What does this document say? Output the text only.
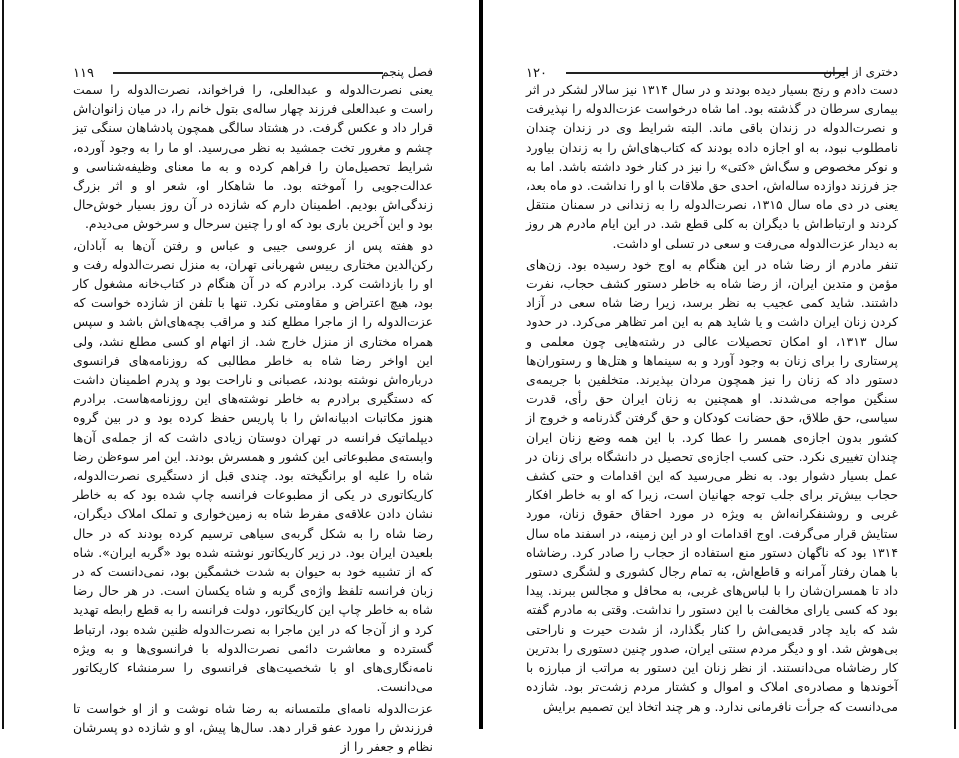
۱۱۹	فصل پنجم

یعنی نصرت‌الدوله و عبدالعلی، را فراخواند، نصرت‌الدوله را سمت راست و عبدالعلی فرزند چهار ساله‌ی بتول خانم را، در میان زانوان‌اش قرار داد و عکس گرفت. در هشتاد سالگی همچون پادشاهان سنگی تیز چشم و مغرور تخت جمشید به نظر می‌رسید. او ما را به وجود آورده، شرایط تحصیل‌مان را فراهم کرده و به ما معنای وظیفه‌شناسی و عدالت‌جویی را آموخته بود. ما شاهکار او، شعر او و اثر بزرگ زندگی‌اش بودیم. اطمینان دارم که شازده در آن روز بسیار خوش‌حال بود و این آخرین باری بود که او را چنین سرحال و سرخوش می‌دیدم.

دو هفته پس از عروسی جیبی و عباس و رفتن آن‌ها به آبادان، رکن‌الدین مختاری رییس شهربانی تهران، به منزل نصرت‌الدوله رفت و او را بازداشت کرد. برادرم که در آن هنگام در کتاب‌خانه مشغول کار بود، هیچ اعتراض و مقاومتی نکرد. تنها با تلفن از شازده خواست که عزت‌الدوله را از ماجرا مطلع کند و مراقب بچه‌های‌اش باشد و سپس همراه مختاری از منزل خارج شد. از اتهام او کسی مطلع نشد، ولی این اواخر رضا شاه به خاطر مطالبی که روزنامه‌های فرانسوی درباره‌اش نوشته بودند، عصبانی و ناراحت بود و پدرم اطمینان داشت که دستگیری برادرم به خاطر نوشته‌های این روزنامه‌هاست. برادرم هنوز مکاتبات ادبیانه‌اش را با پاریس حفظ کرده بود و در بین گروه دیپلماتیک فرانسه در تهران دوستان زیادی داشت که از جمله‌ی آن‌ها وابسته‌ی مطبوعاتی این کشور و همسرش بودند. این امر سوءظن رضا شاه را علیه او برانگیخته بود. چندی قبل از دستگیری نصرت‌الدوله، کاریکاتوری در یکی از مطبوعات فرانسه چاپ شده بود که به خاطر نشان دادن علاقه‌ی مفرط شاه به زمین‌خواری و تملک املاک دیگران، رضا شاه را به شکل گربه‌ی سیاهی ترسیم کرده بودند که در حال بلعیدن ایران بود. در زیر کاریکاتور نوشته شده بود «گربه ایران». شاه که از تشبیه خود به حیوان به شدت خشمگین بود، نمی‌دانست که در زبان فرانسه تلفظ واژه‌ی گربه و شاه یکسان است. در هر حال رضا شاه به خاطر چاپ این کاریکاتور، دولت فرانسه را به قطع رابطه تهدید کرد و از آن‌جا که در این ماجرا به نصرت‌الدوله ظنین شده بود، ارتباط گسترده و معاشرت دائمی نصرت‌الدوله با فرانسوی‌ها و به ویژه نامه‌نگاری‌های او با شخصیت‌های فرانسوی را سرمنشاء کاریکاتور می‌دانست.

عزت‌الدوله نامه‌ای ملتمسانه به رضا شاه نوشت و از او خواست تا فرزندش را مورد عفو قرار دهد. سال‌ها پیش، او و شازده دو پسرشان نظام و جعفر را از

۱۲۰	دختری از ایران

دست دادم و رنج بسیار دیده بودند و در سال ۱۳۱۴ نیز سالار لشکر در اثر بیماری سرطان در گذشته بود. اما شاه درخواست عزت‌الدوله را نپذیرفت و نصرت‌الدوله در زندان باقی ماند. البته شرایط وی در زندان چندان نامطلوب نبود، به او اجازه داده بودند که کتاب‌های‌اش را به زندان بیاورد و نوکر مخصوص و سگ‌اش «کتی» را نیز در کنار خود داشته باشد. اما به جز فرزند دوازده ساله‌اش، احدی حق ملاقات با او را نداشت. دو ماه بعد، یعنی در دی ماه سال ۱۳۱۵، نصرت‌الدوله را به زندانی در سمنان منتقل کردند و ارتباط‌اش با دیگران به کلی قطع شد. در این ایام مادرم هر روز به دیدار عزت‌الدوله می‌رفت و سعی در تسلی او داشت.

تنفر مادرم از رضا شاه در این هنگام به اوج خود رسیده بود. زن‌های مؤمن و متدین ایران، از رضا شاه به خاطر دستور کشف حجاب، نفرت داشتند. شاید کمی عجیب به نظر برسد، زیرا رضا شاه سعی در آزاد کردن زنان ایران داشت و یا شاید هم به این امر تظاهر می‌کرد. در حدود سال ۱۳۱۳، او امکان تحصیلات عالی در رشته‌هایی چون معلمی و پرستاری را برای زنان به وجود آورد و به سینماها و هتل‌ها و رستوران‌ها دستور داد که زنان را نیز همچون مردان بپذیرند. متخلفین با جریمه‌ی سنگین مواجه می‌شدند. او همچنین به زنان ایران حق رأی، قدرت سیاسی، حق طلاق، حق حضانت کودکان و حق گرفتن گذرنامه و خروج از کشور بدون اجازه‌ی همسر را عطا کرد. با این همه وضع زنان ایران چندان تغییری نکرد. حتی کسب اجازه‌ی تحصیل در دانشگاه برای زنان در عمل بسیار دشوار بود. به نظر می‌رسید که این اقدامات و حتی کشف حجاب بیش‌تر برای جلب توجه جهانیان است، زیرا که او به خاطر افکار غربی و روشنفکرانه‌اش به ویژه در مورد احقاق حقوق زنان، مورد ستایش قرار می‌گرفت. اوج اقدامات او در این زمینه، در اسفند ماه سال ۱۳۱۴ بود که ناگهان دستور منع استفاده از حجاب را صادر کرد. رضاشاه با همان رفتار آمرانه و قاطع‌اش، به تمام رجال کشوری و لشگری دستور داد تا همسران‌شان را با لباس‌های غربی، به محافل و مجالس ببرند. پیدا بود که کسی یارای مخالفت با این دستور را نداشت. وقتی به مادرم گفته شد که باید چادر قدیمی‌اش را کنار بگذارد، از شدت حیرت و ناراحتی بی‌هوش شد. او و دیگر مردم سنتی ایران، صدور چنین دستوری را بدترین کار رضاشاه می‌دانستند. از نظر زنان این دستور به مراتب از مبارزه با آخوندها و مصادره‌ی املاک و اموال و کشتار مردم زشت‌تر بود. شازده می‌دانست که جرأت نافرمانی ندارد. و هر چند اتخاذ این تصمیم برایش
